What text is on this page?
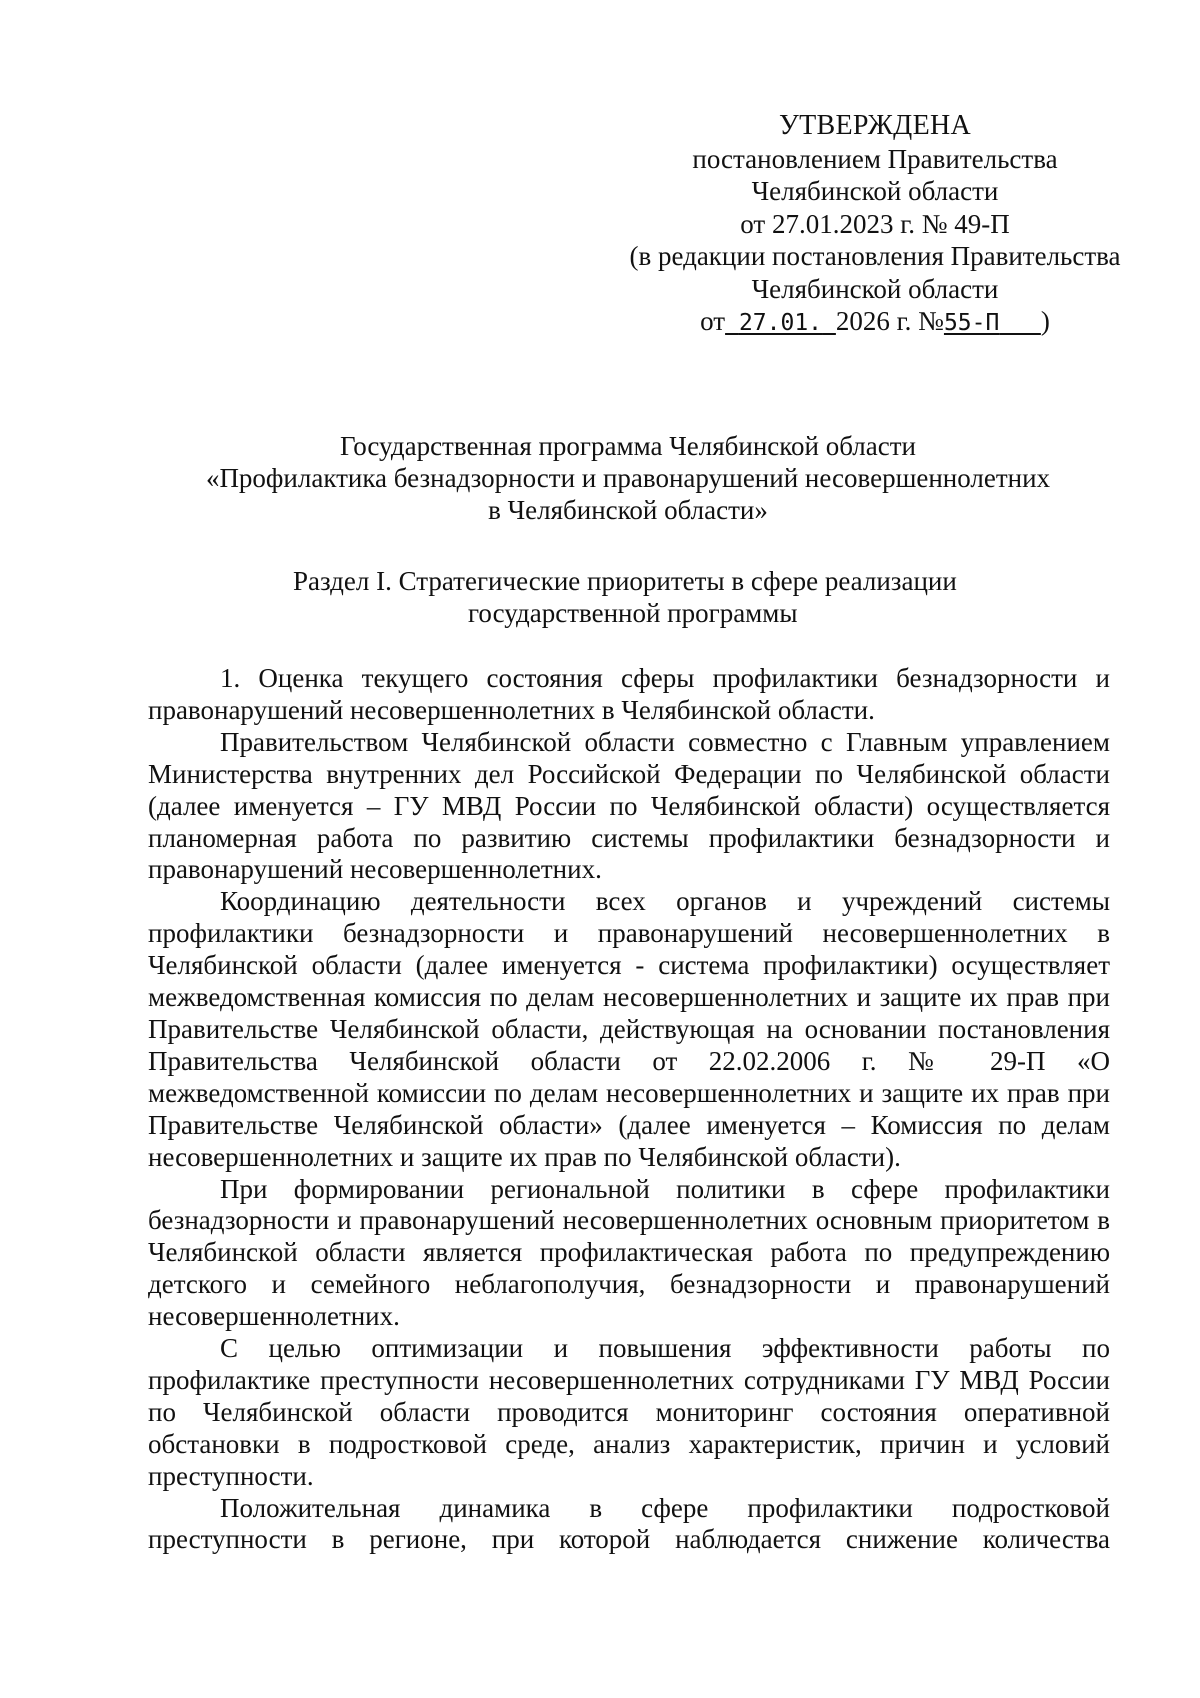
УТВЕРЖДЕНА
постановлением Правительства
Челябинской области
от 27.01.2023 г. № 49-П
(в редакции постановления Правительства
Челябинской области
от 27.01. 2026 г. №55-П )
Государственная программа Челябинской области
«Профилактика безнадзорности и правонарушений несовершеннолетних
в Челябинской области»
Раздел I. Стратегические приоритеты в сфере реализации
государственной программы

1. Оценка текущего состояния сферы профилактики безнадзорности и правонарушений несовершеннолетних в Челябинской области.

Правительством Челябинской области совместно с Главным управлением Министерства внутренних дел Российской Федерации по Челябинской области (далее именуется – ГУ МВД России по Челябинской области) осуществляется планомерная работа по развитию системы профилактики безнадзорности и правонарушений несовершеннолетних.

Координацию деятельности всех органов и учреждений системы профилактики безнадзорности и правонарушений несовершеннолетних в Челябинской области (далее именуется - система профилактики) осуществляет межведомственная комиссия по делам несовершеннолетних и защите их прав при Правительстве Челябинской области, действующая на основании постановления Правительства Челябинской области от 22.02.2006 г. № 29-П «О межведомственной комиссии по делам несовершеннолетних и защите их прав при Правительстве Челябинской области» (далее именуется – Комиссия по делам несовершеннолетних и защите их прав по Челябинской области).

При формировании региональной политики в сфере профилактики безнадзорности и правонарушений несовершеннолетних основным приоритетом в Челябинской области является профилактическая работа по предупреждению детского и семейного неблагополучия, безнадзорности и правонарушений несовершеннолетних.

С целью оптимизации и повышения эффективности работы по профилактике преступности несовершеннолетних сотрудниками ГУ МВД России по Челябинской области проводится мониторинг состояния оперативной обстановки в подростковой среде, анализ характеристик, причин и условий преступности.

Положительная динамика в сфере профилактики подростковой преступности в регионе, при которой наблюдается снижение количества
